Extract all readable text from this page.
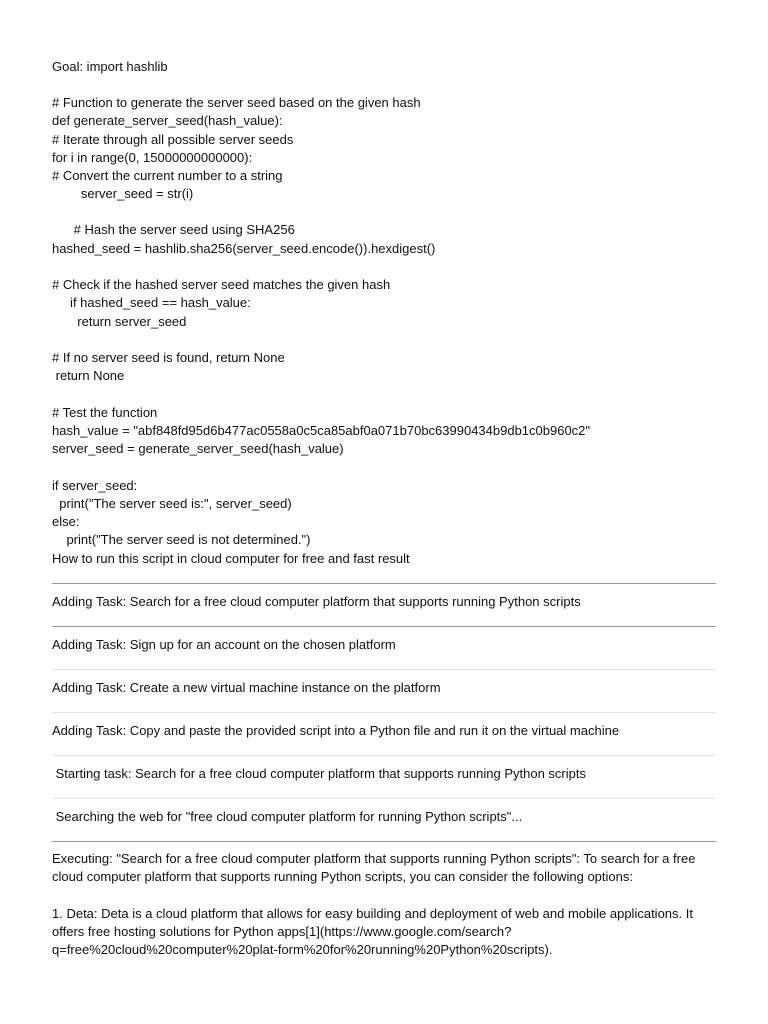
Goal: import hashlib
# Function to generate the server seed based on the given hash
def generate_server_seed(hash_value):
# Iterate through all possible server seeds
for i in range(0, 15000000000000):
# Convert the current number to a string
server_seed = str(i)
# Hash the server seed using SHA256
hashed_seed = hashlib.sha256(server_seed.encode()).hexdigest()
# Check if the hashed server seed matches the given hash
if hashed_seed == hash_value:
return server_seed
# If no server seed is found, return None
return None
# Test the function
hash_value = "abf848fd95d6b477ac0558a0c5ca85abf0a071b70bc63990434b9db1c0b960c2"
server_seed = generate_server_seed(hash_value)
if server_seed:
print("The server seed is:", server_seed)
else:
print("The server seed is not determined.")
How to run this script in cloud computer for free and fast result
Adding Task: Search for a free cloud computer platform that supports running Python scripts
Adding Task: Sign up for an account on the chosen platform
Adding Task: Create a new virtual machine instance on the platform
Adding Task: Copy and paste the provided script into a Python file and run it on the virtual machine
Starting task: Search for a free cloud computer platform that supports running Python scripts
Searching the web for "free cloud computer platform for running Python scripts"...
Executing: "Search for a free cloud computer platform that supports running Python scripts": To search for a free cloud computer platform that supports running Python scripts, you can consider the following options:
1. Deta: Deta is a cloud platform that allows for easy building and deployment of web and mobile applications. It offers free hosting solutions for Python apps[1](https://www.google.com/search?q=free%20cloud%20computer%20plat-form%20for%20running%20Python%20scripts).
